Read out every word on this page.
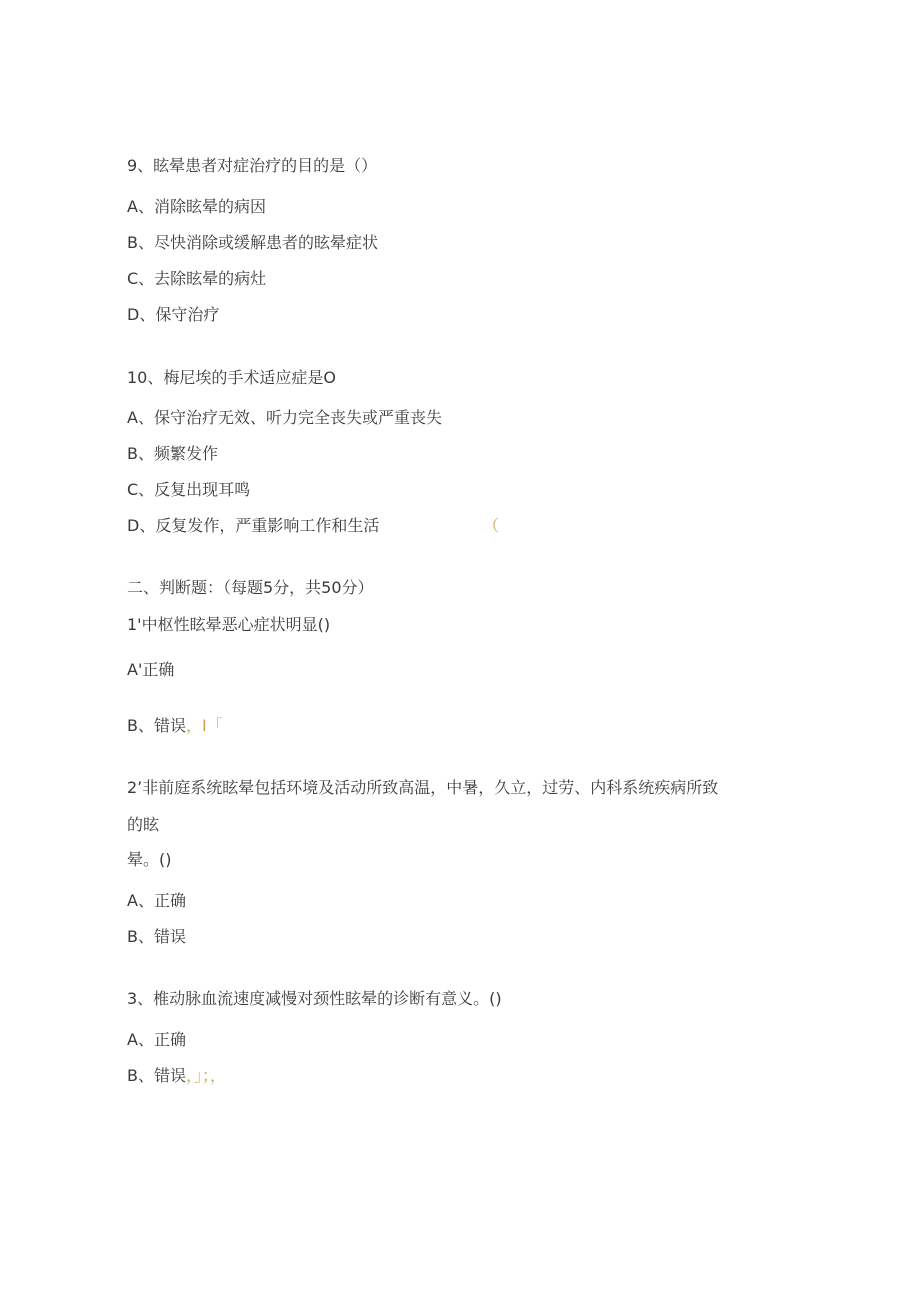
9、眩晕患者对症治疗的目的是（）
A、消除眩晕的病因
B、尽快消除或缓解患者的眩晕症状
C、去除眩晕的病灶
D、保守治疗
10、梅尼埃的手术适应症是O
A、保守治疗无效、听力完全丧失或严重丧失
B、频繁发作
C、反复出现耳鸣
D、反复发作，严重影响工作和生活	（
二、判断题：（每题5分，共50分）
1'中枢性眩晕恶心症状明显()
A'正确
B、错误，I「
2’非前庭系统眩晕包括环境及活动所致高温，中暑，久立，过劳、内科系统疾病所致
的眩
晕。()
A、正确
B、错误
3、椎动脉血流速度减慢对颈性眩晕的诊断有意义。()
A、正确
B、错误，」；，
